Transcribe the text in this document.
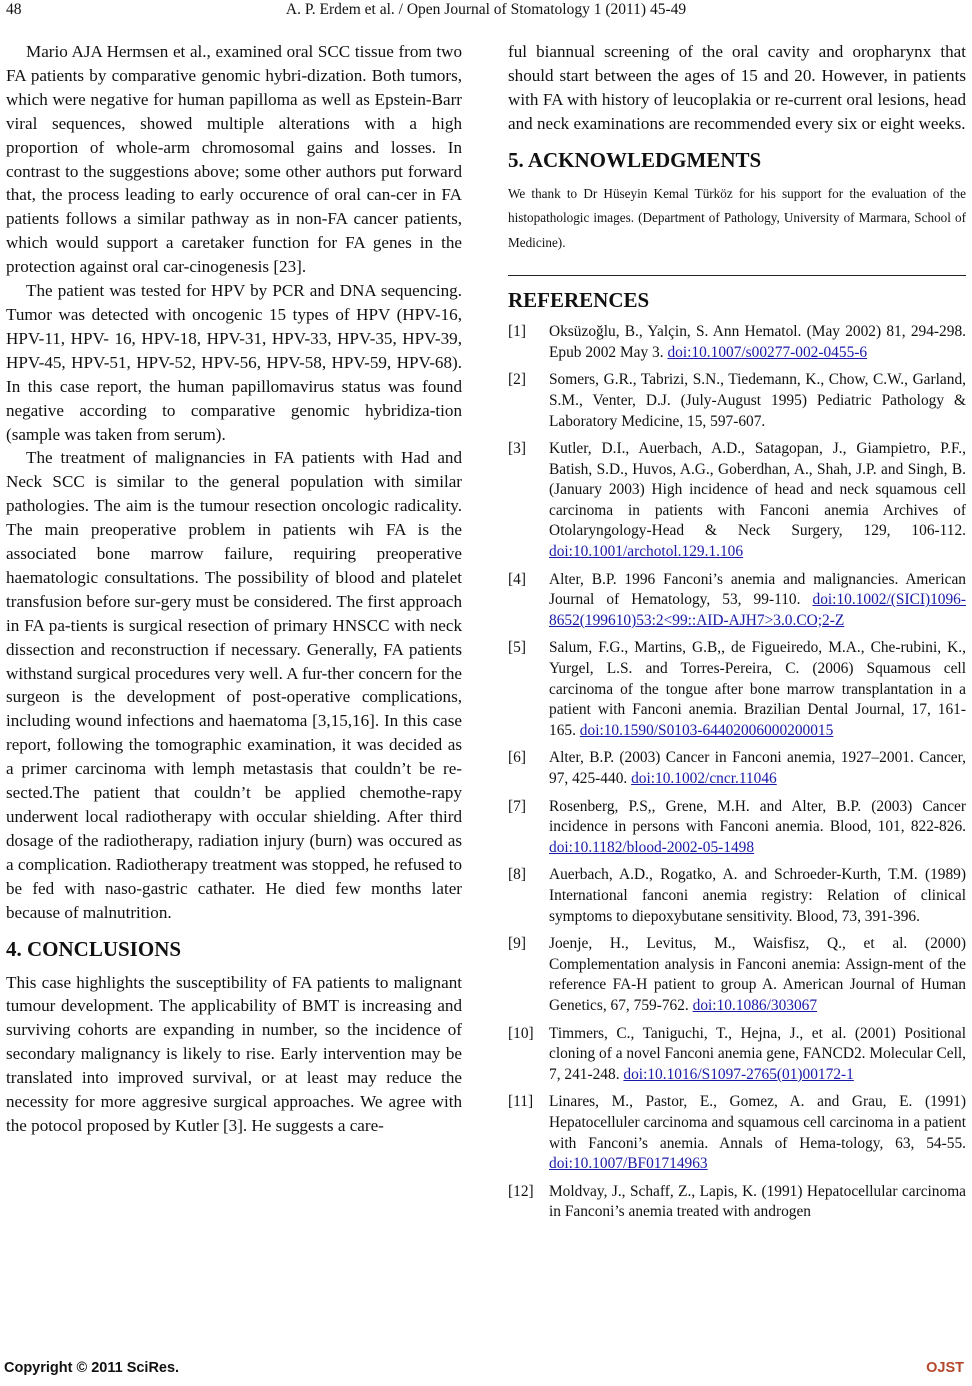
48	A. P. Erdem et al. / Open Journal of Stomatology 1 (2011) 45-49

Mario AJA Hermsen et al., examined oral SCC tissue from two FA patients by comparative genomic hybri-dization. Both tumors, which were negative for human papilloma as well as Epstein-Barr viral sequences, showed multiple alterations with a high proportion of whole-arm chromosomal gains and losses. In contrast to the suggestions above; some other authors put forward that, the process leading to early occurence of oral can-cer in FA patients follows a similar pathway as in non-FA cancer patients, which would support a caretaker function for FA genes in the protection against oral car-cinogenesis [23].

The patient was tested for HPV by PCR and DNA sequencing. Tumor was detected with oncogenic 15 types of HPV (HPV-16, HPV-11, HPV- 16, HPV-18, HPV-31, HPV-33, HPV-35, HPV-39, HPV-45, HPV-51, HPV-52, HPV-56, HPV-58, HPV-59, HPV-68). In this case report, the human papillomavirus status was found negative according to comparative genomic hybridiza-tion (sample was taken from serum).

The treatment of malignancies in FA patients with Had and Neck SCC is similar to the general population with similar pathologies. The aim is the tumour resection oncologic radicality. The main preoperative problem in patients wih FA is the associated bone marrow failure, requiring preoperative haematologic consultations. The possibility of blood and platelet transfusion before sur-gery must be considered. The first approach in FA pa-tients is surgical resection of primary HNSCC with neck dissection and reconstruction if necessary. Generally, FA patients withstand surgical procedures very well. A fur-ther concern for the surgeon is the development of post-operative complications, including wound infections and haematoma [3,15,16]. In this case report, following the tomographic examination, it was decided as a primer carcinoma with lemph metastasis that couldn’t be re-sected.The patient that couldn’t be applied chemothe-rapy underwent local radiotherapy with occular shielding. After third dosage of the radiotherapy, radiation injury (burn) was occured as a complication. Radiotherapy treatment was stopped, he refused to be fed with naso-gastric cathater. He died few months later because of malnutrition.

4. CONCLUSIONS

This case highlights the susceptibility of FA patients to malignant tumour development. The applicability of BMT is increasing and surviving cohorts are expanding in number, so the incidence of secondary malignancy is likely to rise. Early intervention may be translated into improved survival, or at least may reduce the necessity for more aggresive surgical approaches. We agree with the potocol proposed by Kutler [3]. He suggests a care-

ful biannual screening of the oral cavity and oropharynx that should start between the ages of 15 and 20. However, in patients with FA with history of leucoplakia or re-current oral lesions, head and neck examinations are recommended every six or eight weeks.

5. ACKNOWLEDGMENTS

We thank to Dr Hüseyin Kemal Türköz for his support for the evaluation of the histopathologic images. (Department of Pathology, University of Marmara, School of Medicine).

REFERENCES
[1] Oksüzoğlu, B., Yalçin, S. Ann Hematol. (May 2002) 81, 294-298. Epub 2002 May 3. doi:10.1007/s00277-002-0455-6
[2] Somers, G.R., Tabrizi, S.N., Tiedemann, K., Chow, C.W., Garland, S.M., Venter, D.J. (July-August 1995) Pediatric Pathology & Laboratory Medicine, 15, 597-607.
[3] Kutler, D.I., Auerbach, A.D., Satagopan, J., Giampietro, P.F., Batish, S.D., Huvos, A.G., Goberdhan, A., Shah, J.P. and Singh, B. (January 2003) High incidence of head and neck squamous cell carcinoma in patients with Fanconi anemia Archives of Otolaryngology-Head & Neck Surgery, 129, 106-112. doi:10.1001/archotol.129.1.106
[4] Alter, B.P. 1996 Fanconi’s anemia and malignancies. American Journal of Hematology, 53, 99-110. doi:10.1002/(SICI)1096-8652(199610)53:2<99::AID-AJH7>3.0.CO;2-Z
[5] Salum, F.G., Martins, G.B,, de Figueiredo, M.A., Che-rubini, K., Yurgel, L.S. and Torres-Pereira, C. (2006) Squamous cell carcinoma of the tongue after bone marrow transplantation in a patient with Fanconi anemia. Brazilian Dental Journal, 17, 161-165. doi:10.1590/S0103-64402006000200015
[6] Alter, B.P. (2003) Cancer in Fanconi anemia, 1927–2001. Cancer, 97, 425-440. doi:10.1002/cncr.11046
[7] Rosenberg, P.S,, Grene, M.H. and Alter, B.P. (2003) Cancer incidence in persons with Fanconi anemia. Blood, 101, 822-826. doi:10.1182/blood-2002-05-1498
[8] Auerbach, A.D., Rogatko, A. and Schroeder-Kurth, T.M. (1989) International fanconi anemia registry: Relation of clinical symptoms to diepoxybutane sensitivity. Blood, 73, 391-396.
[9] Joenje, H., Levitus, M., Waisfisz, Q., et al. (2000) Complementation analysis in Fanconi anemia: Assign-ment of the reference FA-H patient to group A. American Journal of Human Genetics, 67, 759-762. doi:10.1086/303067
[10] Timmers, C., Taniguchi, T., Hejna, J., et al. (2001) Positional cloning of a novel Fanconi anemia gene, FANCD2. Molecular Cell, 7, 241-248. doi:10.1016/S1097-2765(01)00172-1
[11] Linares, M., Pastor, E., Gomez, A. and Grau, E. (1991) Hepatocelluler carcinoma and squamous cell carcinoma in a patient with Fanconi’s anemia. Annals of Hema-tology, 63, 54-55. doi:10.1007/BF01714963
[12] Moldvay, J., Schaff, Z., Lapis, K. (1991) Hepatocellular carcinoma in Fanconi’s anemia treated with androgen
Copyright © 2011 SciRes.	OJST
